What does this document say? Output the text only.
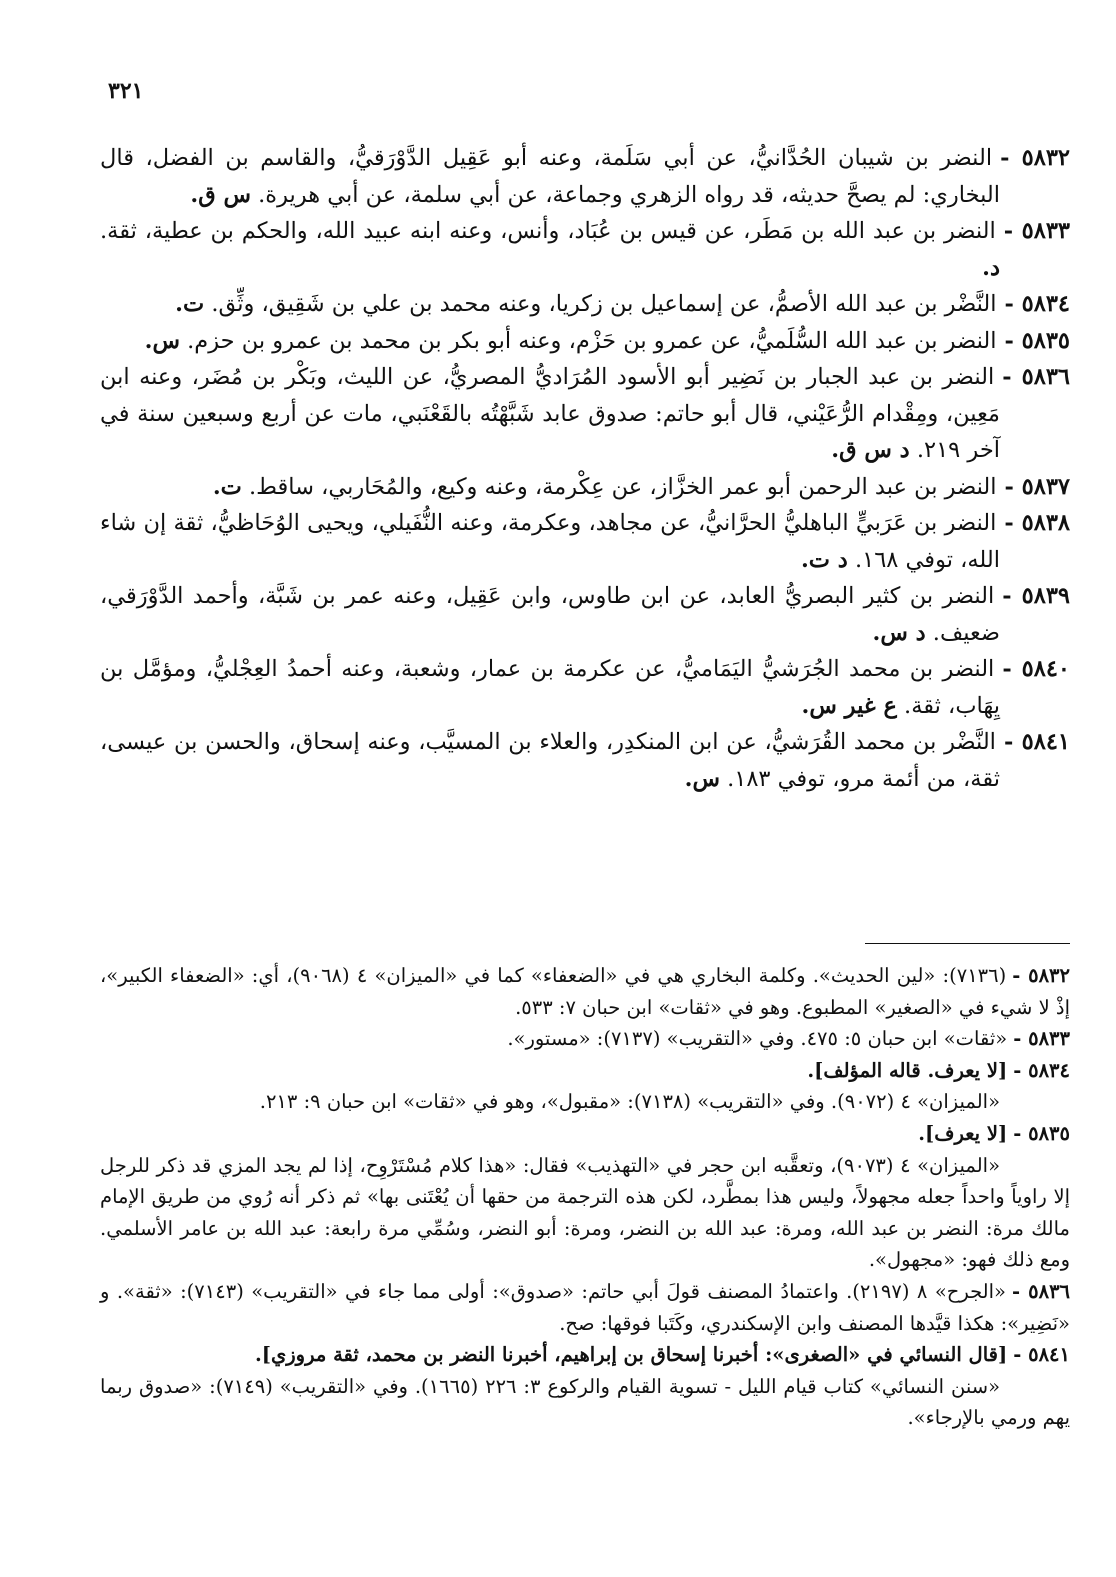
٣٢١
٥٨٣٢ -النضر بن شيبان الحُدَّانيُّ، عن أبي سَلَمة، وعنه أبو عَقِيل الدَّوْرَقيُّ، والقاسم بن الفضل، قال البخاري: لم يصحَّ حديثه، قد رواه الزهري وجماعة، عن أبي سلمة، عن أبي هريرة. س ق.
٥٨٣٣ -النضر بن عبد الله بن مَطَر، عن قيس بن عُبَاد، وأنس، وعنه ابنه عبيد الله، والحكم بن عطية، ثقة. د.
٥٨٣٤ -النَّضْر بن عبد الله الأصمُّ، عن إسماعيل بن زكريا، وعنه محمد بن علي بن شَقِيق، وثِّق. ت.
٥٨٣٥ -النضر بن عبد الله السُّلَميُّ، عن عمرو بن حَزْم، وعنه أبو بكر بن محمد بن عمرو بن حزم. س.
٥٨٣٦ -النضر بن عبد الجبار بن نَضِير أبو الأسود المُرَاديُّ المصريُّ، عن الليث، وبَكْر بن مُضَر، وعنه ابن مَعِين، ومِقْدام الرُّعَيْني، قال أبو حاتم: صدوق عابد شَبَّهْتُه بالقَعْنَبي، مات عن أربع وسبعين سنة في آخر ٢١٩. د س ق.
٥٨٣٧ -النضر بن عبد الرحمن أبو عمر الخزَّاز، عن عِكْرمة، وعنه وكيع، والمُحَاربي، ساقط. ت.
٥٨٣٨ -النضر بن عَرَبيٍّ الباهليُّ الحرَّانيُّ، عن مجاهد، وعكرمة، وعنه النُّفَيلي، ويحيى الوُحَاظيُّ، ثقة إن شاء الله، توفي ١٦٨. د ت.
٥٨٣٩ -النضر بن كثير البصريُّ العابد، عن ابن طاوس، وابن عَقِيل، وعنه عمر بن شَبَّة، وأحمد الدَّوْرَقي، ضعيف. د س.
٥٨٤٠ -النضر بن محمد الجُرَشيُّ اليَمَاميُّ، عن عكرمة بن عمار، وشعبة، وعنه أحمدُ العِجْليُّ، ومؤمَّل بن يِهَاب، ثقة. ع غير س.
٥٨٤١ -النَّضْر بن محمد القُرَشيُّ، عن ابن المنكدِر، والعلاء بن المسيَّب، وعنه إسحاق، والحسن بن عيسى، ثقة، من أئمة مرو، توفي ١٨٣. س.
٥٨٣٢ -(٧١٣٦): «لين الحديث». وكلمة البخاري هي في «الضعفاء» كما في «الميزان» ٤ (٩٠٦٨)، أي: «الضعفاء الكبير»، إذْ لا شيء في «الصغير» المطبوع. وهو في «ثقات» ابن حبان ٧: ٥٣٣.
٥٨٣٣ -«ثقات» ابن حبان ٥: ٤٧٥. وفي «التقريب» (٧١٣٧): «مستور».
٥٨٣٤ -[لا يعرف. قاله المؤلف].
«الميزان» ٤ (٩٠٧٢). وفي «التقريب» (٧١٣٨): «مقبول»، وهو في «ثقات» ابن حبان ٩: ٢١٣.
٥٨٣٥ -[لا يعرف].
«الميزان» ٤ (٩٠٧٣)، وتعقَّبه ابن حجر في «التهذيب» فقال: «هذا كلام مُسْتَرْوِح، إذا لم يجد المزي قد ذكر للرجل إلا راوياً واحداً جعله مجهولاً، وليس هذا بمطَّرد، لكن هذه الترجمة من حقها أن يُعْتَنى بها» ثم ذكر أنه رُوي من طريق الإمام مالك مرة: النضر بن عبد الله، ومرة: عبد الله بن النضر، ومرة: أبو النضر، وسُمِّي مرة رابعة: عبد الله بن عامر الأسلمي. ومع ذلك فهو: «مجهول».
٥٨٣٦ -«الجرح» ٨ (٢١٩٧). واعتمادُ المصنف قولَ أبي حاتم: «صدوق»: أولى مما جاء في «التقريب» (٧١٤٣): «ثقة». و «نَضِير»: هكذا قيَّدها المصنف وابن الإسكندري، وكَتَبا فوقها: صح.
٥٨٤١ -[قال النسائي في «الصغرى»: أخبرنا إسحاق بن إبراهيم، أخبرنا النضر بن محمد، ثقة مروزي].
«سنن النسائي» كتاب قيام الليل - تسوية القيام والركوع ٣: ٢٢٦ (١٦٦٥). وفي «التقريب» (٧١٤٩): «صدوق ربما يهم ورمي بالإرجاء».
